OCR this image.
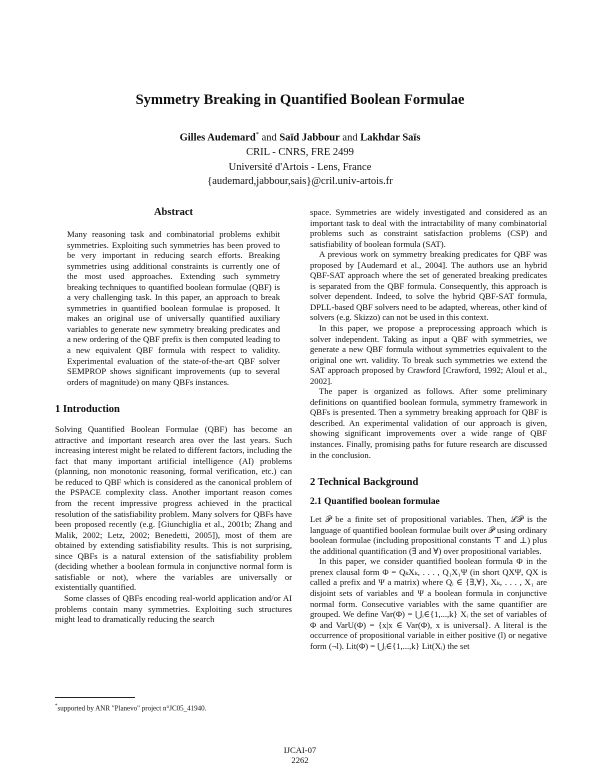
Symmetry Breaking in Quantified Boolean Formulae
Gilles Audemard* and Saïd Jabbour and Lakhdar Saïs
CRIL - CNRS, FRE 2499
Université d'Artois - Lens, France
{audemard,jabbour,sais}@cril.univ-artois.fr
Abstract

Many reasoning task and combinatorial problems exhibit symmetries. Exploiting such symmetries has been proved to be very important in reducing search efforts. Breaking symmetries using additional constraints is currently one of the most used approaches. Extending such symmetry breaking techniques to quantified boolean formulae (QBF) is a very challenging task. In this paper, an approach to break symmetries in quantified boolean formulae is proposed. It makes an original use of universally quantified auxiliary variables to generate new symmetry breaking predicates and a new ordering of the QBF prefix is then computed leading to a new equivalent QBF formula with respect to validity. Experimental evaluation of the state-of-the-art QBF solver SEMPROP shows significant improvements (up to several orders of magnitude) on many QBFs instances.

1 Introduction

Solving Quantified Boolean Formulae (QBF) has become an attractive and important research area over the last years. Such increasing interest might be related to different factors, including the fact that many important artificial intelligence (AI) problems (planning, non monotonic reasoning, formal verification, etc.) can be reduced to QBF which is considered as the canonical problem of the PSPACE complexity class. Another important reason comes from the recent impressive progress achieved in the practical resolution of the satisfiability problem. Many solvers for QBFs have been proposed recently (e.g. [Giunchiglia et al., 2001b; Zhang and Malik, 2002; Letz, 2002; Benedetti, 2005]), most of them are obtained by extending satisfiability results. This is not surprising, since QBFs is a natural extension of the satisfiability problem (deciding whether a boolean formula in conjunctive normal form is satisfiable or not), where the variables are universally or existentially quantified.

Some classes of QBFs encoding real-world application and/or AI problems contain many symmetries. Exploiting such structures might lead to dramatically reducing the search

space. Symmetries are widely investigated and considered as an important task to deal with the intractability of many combinatorial problems such as constraint satisfaction problems (CSP) and satisfiability of boolean formula (SAT).

A previous work on symmetry breaking predicates for QBF was proposed by [Audemard et al., 2004]. The authors use an hybrid QBF-SAT approach where the set of generated breaking predicates is separated from the QBF formula. Consequently, this approach is solver dependent. Indeed, to solve the hybrid QBF-SAT formula, DPLL-based QBF solvers need to be adapted, whereas, other kind of solvers (e.g. Skizzo) can not be used in this context.

In this paper, we propose a preprocessing approach which is solver independent. Taking as input a QBF with symmetries, we generate a new QBF formula without symmetries equivalent to the original one wrt. validity. To break such symmetries we extend the SAT approach proposed by Crawford [Crawford, 1992; Aloul et al., 2002].

The paper is organized as follows. After some preliminary definitions on quantified boolean formula, symmetry framework in QBFs is presented. Then a symmetry breaking approach for QBF is described. An experimental validation of our approach is given, showing significant improvements over a wide range of QBF instances. Finally, promising paths for future research are discussed in the conclusion.

2 Technical Background
2.1 Quantified boolean formulae

Let 𝒫 be a finite set of propositional variables. Then, ℒ𝒫 is the language of quantified boolean formulae built over 𝒫 using ordinary boolean formulae (including propositional constants ⊤ and ⊥) plus the additional quantification (∃ and ∀) over propositional variables.

In this paper, we consider quantified boolean formula Φ in the prenex clausal form Φ = QₖXₖ, . . . , Q₁X₁Ψ (in short QXΨ, QX is called a prefix and Ψ a matrix) where Qᵢ ∈ {∃,∀}, Xₖ, . . . , X₁ are disjoint sets of variables and Ψ a boolean formula in conjunctive normal form. Consecutive variables with the same quantifier are grouped. We define Var(Φ) = ⋃ᵢ∈{1,...,k} Xᵢ the set of variables of Φ and VarU(Φ) = {x|x ∈ Var(Φ), x is universal}. A literal is the occurrence of propositional variable in either positive (l) or negative form (¬l). Lit(Φ) = ⋃ᵢ∈{1,...,k} Lit(Xᵢ) the set

*supported by ANR "Planevo" project n°JC05_41940.
IJCAI-07
2262
